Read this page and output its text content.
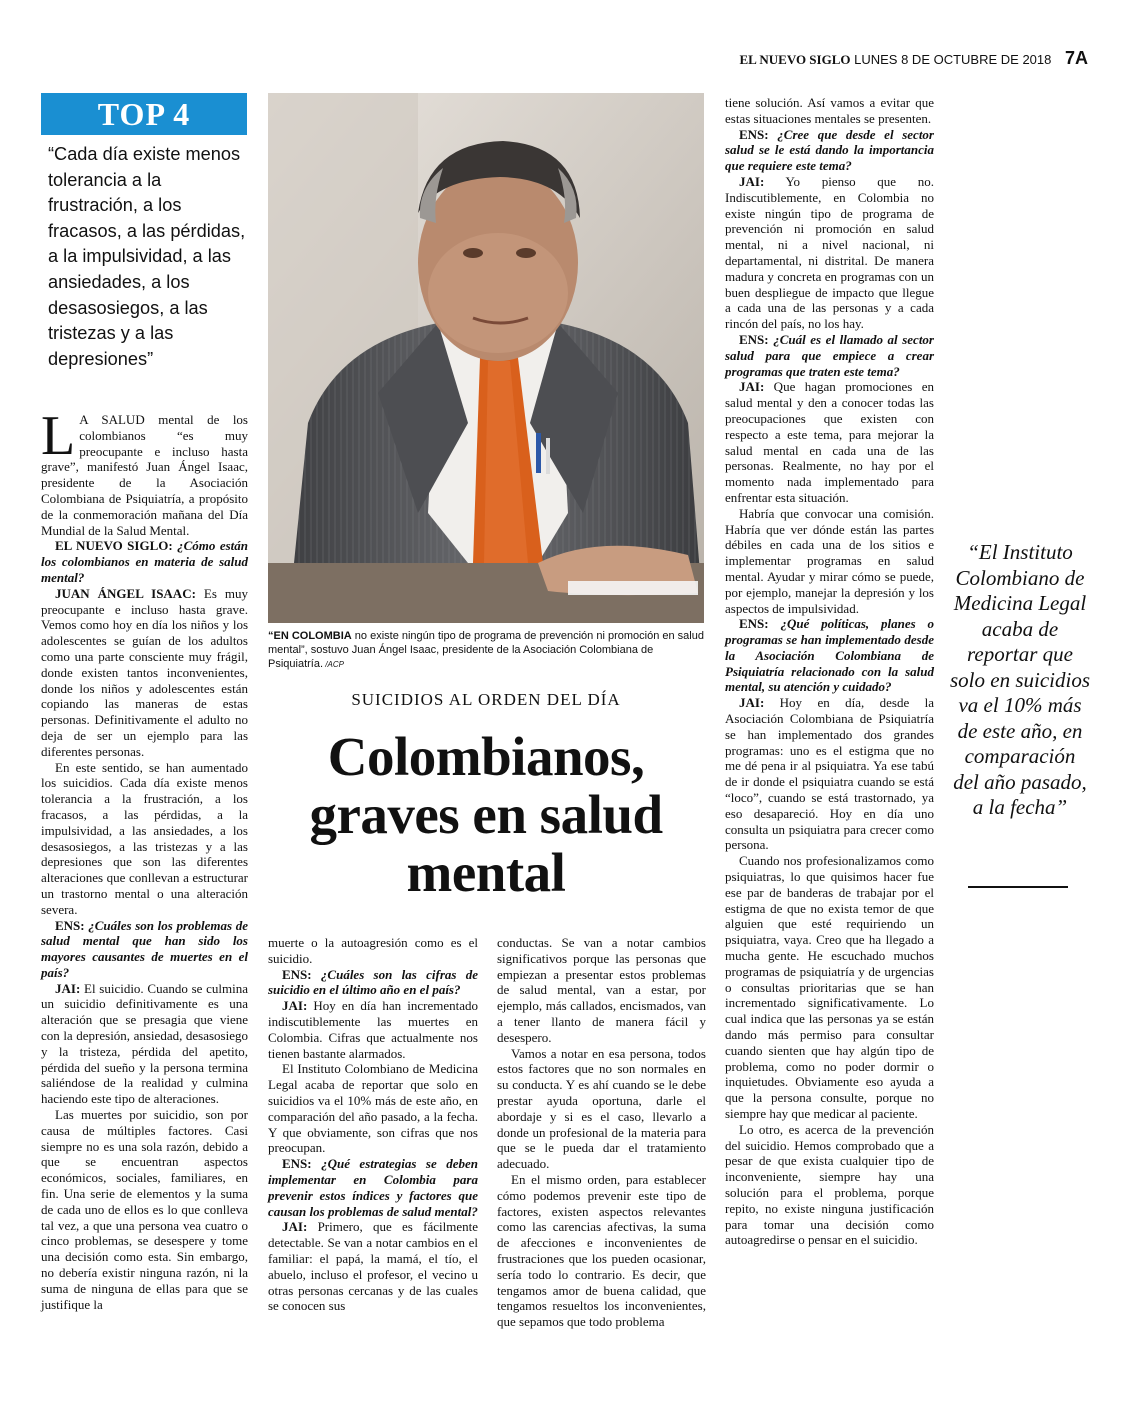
EL NUEVO SIGLO LUNES 8 DE OCTUBRE DE 2018 7A
TOP 4
“Cada día existe menos tolerancia a la frustración, a los fracasos, a las pérdidas, a la impulsividad, a las ansiedades, a los desasosiegos, a las tristezas y a las depresiones”
“EN COLOMBIA no existe ningún tipo de programa de prevención ni promoción en salud mental”, sostuvo Juan Ángel Isaac, presidente de la Asociación Colombiana de Psiquiatría. /ACP
SUICIDIOS AL ORDEN DEL DÍA
Colombianos, graves en salud mental

L A SALUD mental de los colombianos “es muy preocupante e incluso hasta grave”, manifestó Juan Ángel Isaac, presidente de la Asociación Colombiana de Psiquiatría, a propósito de la conmemoración mañana del Día Mundial de la Salud Mental.

EL NUEVO SIGLO: ¿Cómo están los colombianos en materia de salud mental?

JUAN ÁNGEL ISAAC: Es muy preocupante e incluso hasta grave. Vemos como hoy en día los niños y los adolescentes se guían de los adultos como una parte consciente muy frágil, donde existen tantos inconvenientes, donde los niños y adolescentes están copiando las maneras de estas personas. Definitivamente el adulto no deja de ser un ejemplo para las diferentes personas.

En este sentido, se han aumentado los suicidios. Cada día existe menos tolerancia a la frustración, a los fracasos, a las pérdidas, a la impulsividad, a las ansiedades, a los desasosiegos, a las tristezas y a las depresiones que son las diferentes alteraciones que conllevan a estructurar un trastorno mental o una alteración severa.

ENS: ¿Cuáles son los problemas de salud mental que han sido los mayores causantes de muertes en el país?

JAI: El suicidio. Cuando se culmina un suicidio definitivamente es una alteración que se presagia que viene con la depresión, ansiedad, desasosiego y la tristeza, pérdida del apetito, pérdida del sueño y la persona termina saliéndose de la realidad y culmina haciendo este tipo de alteraciones.

Las muertes por suicidio, son por causa de múltiples factores. Casi siempre no es una sola razón, debido a que se encuentran aspectos económicos, sociales, familiares, en fin. Una serie de elementos y la suma de cada uno de ellos es lo que conlleva tal vez, a que una persona vea cuatro o cinco problemas, se desespere y tome una decisión como esta. Sin embargo, no debería existir ninguna razón, ni la suma de ninguna de ellas para que se justifique la

muerte o la autoagresión como es el suicidio.

ENS: ¿Cuáles son las cifras de suicidio en el último año en el país?

JAI: Hoy en día han incrementado indiscutiblemente las muertes en Colombia. Cifras que actualmente nos tienen bastante alarmados.

El Instituto Colombiano de Medicina Legal acaba de reportar que solo en suicidios va el 10% más de este año, en comparación del año pasado, a la fecha. Y que obviamente, son cifras que nos preocupan.

ENS: ¿Qué estrategias se deben implementar en Colombia para prevenir estos índices y factores que causan los problemas de salud mental?

JAI: Primero, que es fácilmente detectable. Se van a notar cambios en el familiar: el papá, la mamá, el tío, el abuelo, incluso el profesor, el vecino u otras personas cercanas y de las cuales se conocen sus

conductas. Se van a notar cambios significativos porque las personas que empiezan a presentar estos problemas de salud mental, van a estar, por ejemplo, más callados, encismados, van a tener llanto de manera fácil y desespero.

Vamos a notar en esa persona, todos estos factores que no son normales en su conducta. Y es ahí cuando se le debe prestar ayuda oportuna, darle el abordaje y si es el caso, llevarlo a donde un profesional de la materia para que se le pueda dar el tratamiento adecuado.

En el mismo orden, para establecer cómo podemos prevenir este tipo de factores, existen aspectos relevantes como las carencias afectivas, la suma de afecciones e inconvenientes de frustraciones que los pueden ocasionar, sería todo lo contrario. Es decir, que tengamos amor de buena calidad, que tengamos resueltos los inconvenientes, que sepamos que todo problema

tiene solución. Así vamos a evitar que estas situaciones mentales se presenten.

ENS: ¿Cree que desde el sector salud se le está dando la importancia que requiere este tema?

JAI: Yo pienso que no. Indiscutiblemente, en Colombia no existe ningún tipo de programa de prevención ni promoción en salud mental, ni a nivel nacional, ni departamental, ni distrital. De manera madura y concreta en programas con un buen despliegue de impacto que llegue a cada una de las personas y a cada rincón del país, no los hay.

ENS: ¿Cuál es el llamado al sector salud para que empiece a crear programas que traten este tema?

JAI: Que hagan promociones en salud mental y den a conocer todas las preocupaciones que existen con respecto a este tema, para mejorar la salud mental en cada una de las personas. Realmente, no hay por el momento nada implementado para enfrentar esta situación.

Habría que convocar una comisión. Habría que ver dónde están las partes débiles en cada una de los sitios e implementar programas en salud mental. Ayudar y mirar cómo se puede, por ejemplo, manejar la depresión y los aspectos de impulsividad.

ENS: ¿Qué políticas, planes o programas se han implementado desde la Asociación Colombiana de Psiquiatría relacionado con la salud mental, su atención y cuidado?

JAI: Hoy en día, desde la Asociación Colombiana de Psiquiatría se han implementado dos grandes programas: uno es el estigma que no me dé pena ir al psiquiatra. Ya ese tabú de ir donde el psiquiatra cuando se está “loco”, cuando se está trastornado, ya eso desapareció. Hoy en día uno consulta un psiquiatra para crecer como persona.

Cuando nos profesionalizamos como psiquiatras, lo que quisimos hacer fue ese par de banderas de trabajar por el estigma de que no exista temor de que alguien que esté requiriendo un psiquiatra, vaya. Creo que ha llegado a mucha gente. He escuchado muchos programas de psiquiatría y de urgencias o consultas prioritarias que se han incrementado significativamente. Lo cual indica que las personas ya se están dando más permiso para consultar cuando sienten que hay algún tipo de problema, como no poder dormir o inquietudes. Obviamente eso ayuda a que la persona consulte, porque no siempre hay que medicar al paciente.

Lo otro, es acerca de la prevención del suicidio. Hemos comprobado que a pesar de que exista cualquier tipo de inconveniente, siempre hay una solución para el problema, porque repito, no existe ninguna justificación para tomar una decisión como autoagredirse o pensar en el suicidio.

“El Instituto Colombiano de Medicina Legal acaba de reportar que solo en suicidios va el 10% más de este año, en comparación del año pasado, a la fecha”
